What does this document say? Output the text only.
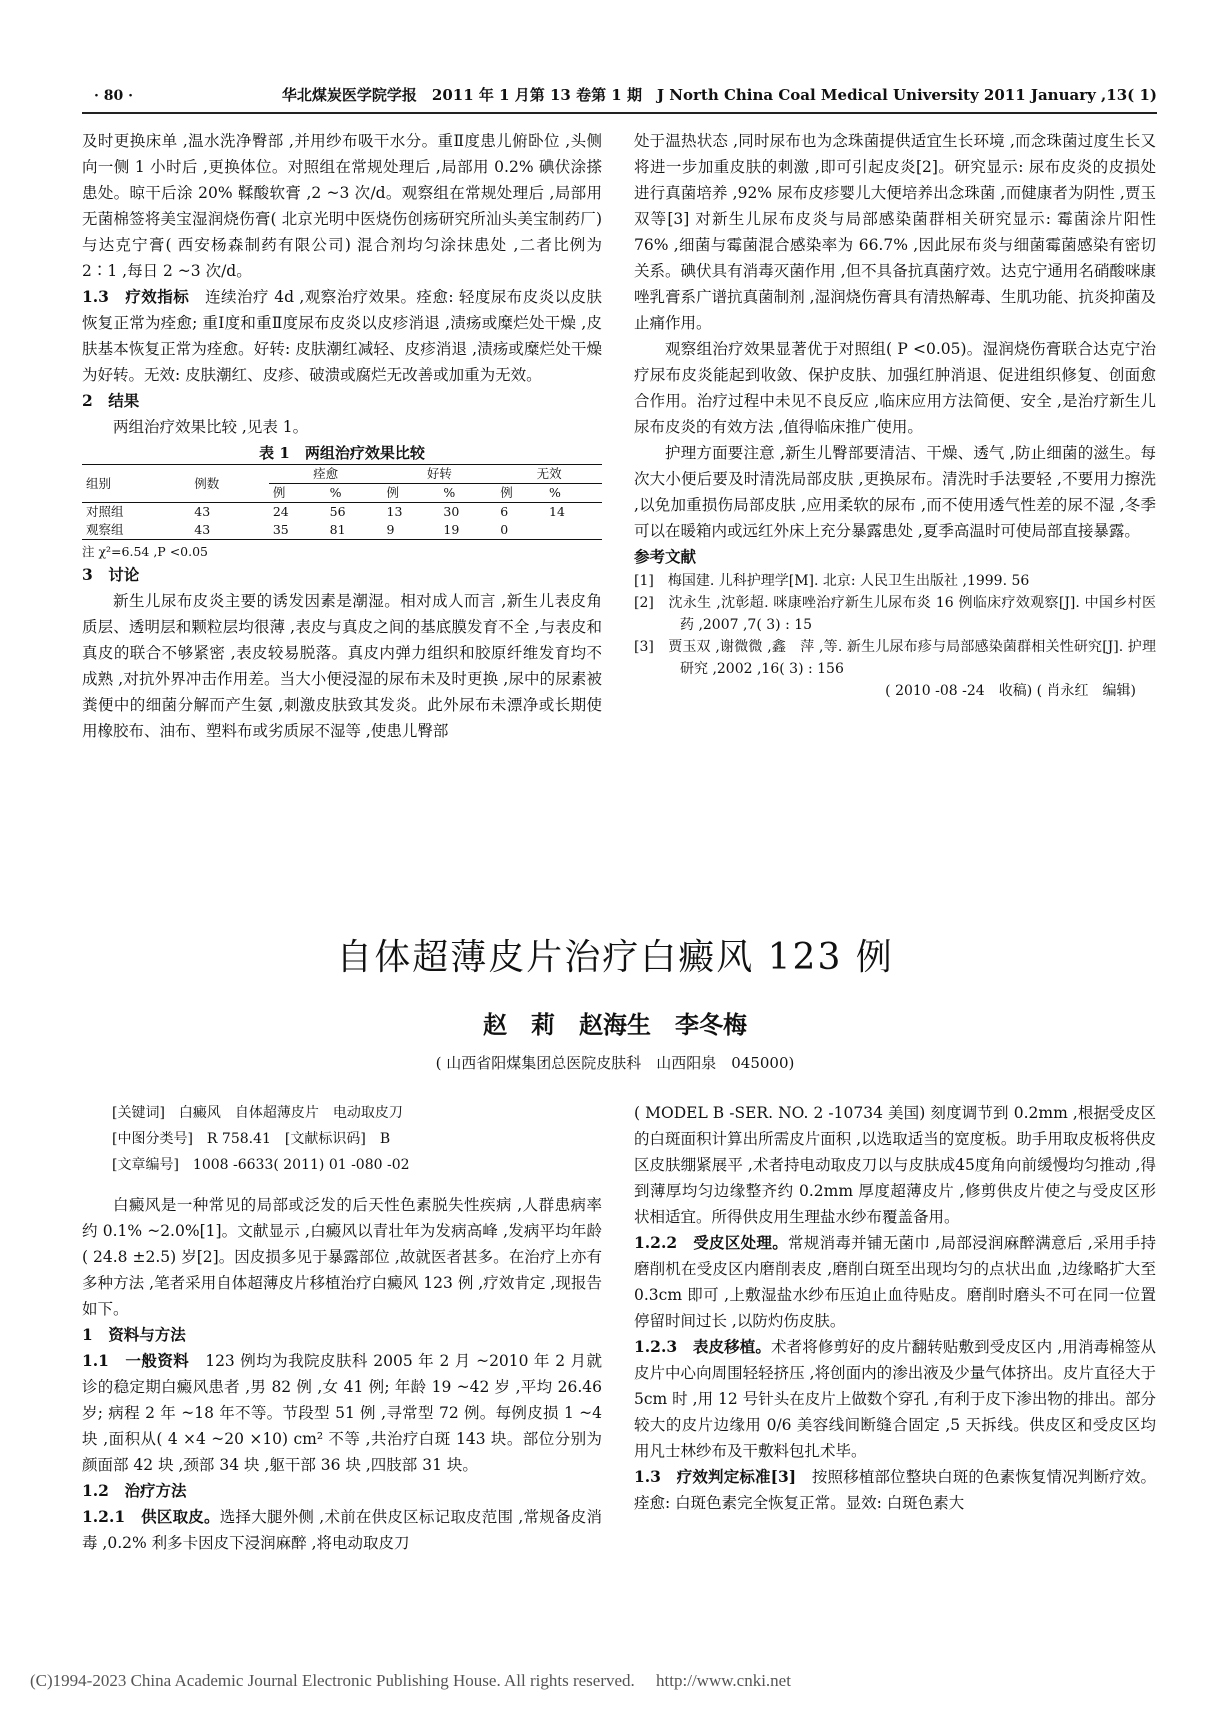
· 80 ·	华北煤炭医学院学报　2011 年 1 月第 13 卷第 1 期　J North China Coal Medical University 2011 January ,13( 1)

及时更换床单 ,温水洗净臀部 ,并用纱布吸干水分。重Ⅱ度患儿俯卧位 ,头侧向一侧 1 小时后 ,更换体位。对照组在常规处理后 ,局部用 0.2% 碘伏涂搽患处。晾干后涂 20% 鞣酸软膏 ,2 ~3 次/d。观察组在常规处理后 ,局部用无菌棉签将美宝湿润烧伤膏( 北京光明中医烧伤创疡研究所汕头美宝制药厂) 与达克宁膏( 西安杨森制药有限公司) 混合剂均匀涂抹患处 ,二者比例为 2∶1 ,每日 2 ~3 次/d。

1.3　疗效指标　连续治疗 4d ,观察治疗效果。痊愈: 轻度尿布皮炎以皮肤恢复正常为痊愈; 重Ⅰ度和重Ⅱ度尿布皮炎以皮疹消退 ,渍疡或糜烂处干燥 ,皮肤基本恢复正常为痊愈。好转: 皮肤潮红减轻、皮疹消退 ,渍疡或糜烂处干燥为好转。无效: 皮肤潮红、皮疹、破溃或腐烂无改善或加重为无效。

2　结果

两组治疗效果比较 ,见表 1。

表 1　两组治疗效果比较
组别	例数	痊愈		好转		无效	
		例	%	例	%	例	%
对照组	43	24	56	13	30	6	14
观察组	43	35	81	9	19	0	
注 χ²=6.54 ,P <0.05

3　讨论

新生儿尿布皮炎主要的诱发因素是潮湿。相对成人而言 ,新生儿表皮角质层、透明层和颗粒层均很薄 ,表皮与真皮之间的基底膜发育不全 ,与表皮和真皮的联合不够紧密 ,表皮较易脱落。真皮内弹力组织和胶原纤维发育均不成熟 ,对抗外界冲击作用差。当大小便浸湿的尿布未及时更换 ,尿中的尿素被粪便中的细菌分解而产生氨 ,刺激皮肤致其发炎。此外尿布未漂净或长期使用橡胶布、油布、塑料布或劣质尿不湿等 ,使患儿臀部

处于温热状态 ,同时尿布也为念珠菌提供适宜生长环境 ,而念珠菌过度生长又将进一步加重皮肤的刺激 ,即可引起皮炎[2]。研究显示: 尿布皮炎的皮损处进行真菌培养 ,92% 尿布皮疹婴儿大便培养出念珠菌 ,而健康者为阴性 ,贾玉双等[3] 对新生儿尿布皮炎与局部感染菌群相关研究显示: 霉菌涂片阳性 76% ,细菌与霉菌混合感染率为 66.7% ,因此尿布炎与细菌霉菌感染有密切关系。碘伏具有消毒灭菌作用 ,但不具备抗真菌疗效。达克宁通用名硝酸咪康唑乳膏系广谱抗真菌制剂 ,湿润烧伤膏具有清热解毒、生肌功能、抗炎抑菌及止痛作用。

观察组治疗效果显著优于对照组( P <0.05)。湿润烧伤膏联合达克宁治疗尿布皮炎能起到收敛、保护皮肤、加强红肿消退、促进组织修复、创面愈合作用。治疗过程中未见不良反应 ,临床应用方法简便、安全 ,是治疗新生儿尿布皮炎的有效方法 ,值得临床推广使用。

护理方面要注意 ,新生儿臀部要清洁、干燥、透气 ,防止细菌的滋生。每次大小便后要及时清洗局部皮肤 ,更换尿布。清洗时手法要轻 ,不要用力擦洗 ,以免加重损伤局部皮肤 ,应用柔软的尿布 ,而不使用透气性差的尿不湿 ,冬季可以在暖箱内或远红外床上充分暴露患处 ,夏季高温时可使局部直接暴露。

参考文献

[1]　梅国建. 儿科护理学[M]. 北京: 人民卫生出版社 ,1999. 56
[2]　沈永生 ,沈彰超. 咪康唑治疗新生儿尿布炎 16 例临床疗效观察[J]. 中国乡村医药 ,2007 ,7( 3) : 15
[3]　贾玉双 ,谢微微 ,鑫　萍 ,等. 新生儿尿布疹与局部感染菌群相关性研究[J]. 护理研究 ,2002 ,16( 3) : 156
( 2010 -08 -24　收稿) ( 肖永红　编辑)
自体超薄皮片治疗白癜风 123 例
赵　莉　赵海生　李冬梅
( 山西省阳煤集团总医院皮肤科　山西阳泉　045000)
[关键词]　白癜风　自体超薄皮片　电动取皮刀
[中图分类号]　R 758.41　[文献标识码]　B
[文章编号]　1008 -6633( 2011) 01 -080 -02

白癜风是一种常见的局部或泛发的后天性色素脱失性疾病 ,人群患病率约 0.1% ~2.0%[1]。文献显示 ,白癜风以青壮年为发病高峰 ,发病平均年龄( 24.8 ±2.5) 岁[2]。因皮损多见于暴露部位 ,故就医者甚多。在治疗上亦有多种方法 ,笔者采用自体超薄皮片移植治疗白癜风 123 例 ,疗效肯定 ,现报告如下。

1　资料与方法

1.1　一般资料　123 例均为我院皮肤科 2005 年 2 月 ~2010 年 2 月就诊的稳定期白癜风患者 ,男 82 例 ,女 41 例; 年龄 19 ~42 岁 ,平均 26.46 岁; 病程 2 年 ~18 年不等。节段型 51 例 ,寻常型 72 例。每例皮损 1 ~4 块 ,面积从( 4 ×4 ~20 ×10) cm² 不等 ,共治疗白斑 143 块。部位分别为颜面部 42 块 ,颈部 34 块 ,躯干部 36 块 ,四肢部 31 块。

1.2　治疗方法

1.2.1　供区取皮。选择大腿外侧 ,术前在供皮区标记取皮范围 ,常规备皮消毒 ,0.2% 利多卡因皮下浸润麻醉 ,将电动取皮刀

( MODEL B -SER. NO. 2 -10734 美国) 刻度调节到 0.2mm ,根据受皮区的白斑面积计算出所需皮片面积 ,以选取适当的宽度板。助手用取皮板将供皮区皮肤绷紧展平 ,术者持电动取皮刀以与皮肤成45度角向前缓慢均匀推动 ,得到薄厚均匀边缘整齐约 0.2mm 厚度超薄皮片 ,修剪供皮片使之与受皮区形状相适宜。所得供皮用生理盐水纱布覆盖备用。

1.2.2　受皮区处理。常规消毒并铺无菌巾 ,局部浸润麻醉满意后 ,采用手持磨削机在受皮区内磨削表皮 ,磨削白斑至出现均匀的点状出血 ,边缘略扩大至 0.3cm 即可 ,上敷湿盐水纱布压迫止血待贴皮。磨削时磨头不可在同一位置停留时间过长 ,以防灼伤皮肤。

1.2.3　表皮移植。术者将修剪好的皮片翻转贴敷到受皮区内 ,用消毒棉签从皮片中心向周围轻轻挤压 ,将创面内的渗出液及少量气体挤出。皮片直径大于 5cm 时 ,用 12 号针头在皮片上做数个穿孔 ,有利于皮下渗出物的排出。部分较大的皮片边缘用 0/6 美容线间断缝合固定 ,5 天拆线。供皮区和受皮区均用凡士林纱布及干敷料包扎术毕。

1.3　疗效判定标准[3]　按照移植部位整块白斑的色素恢复情况判断疗效。痊愈: 白斑色素完全恢复正常。显效: 白斑色素大

(C)1994-2023 China Academic Journal Electronic Publishing House. All rights reserved.　 http://www.cnki.net
